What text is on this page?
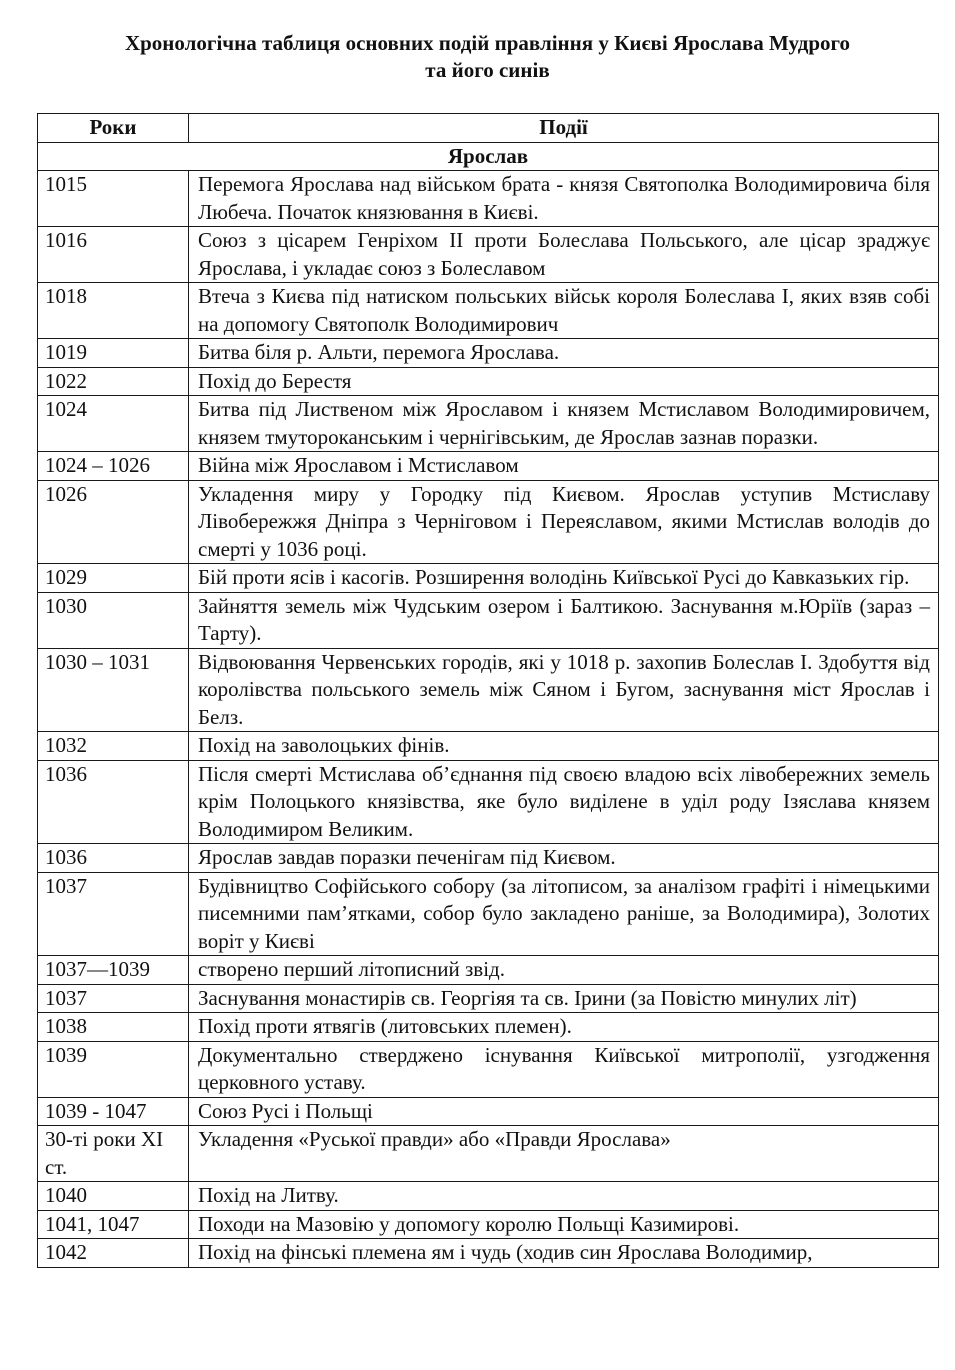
Хронологічна таблиця основних подій правління у Києві Ярослава Мудрого
та його синів
Роки	Події
Ярослав	
1015	Перемога Ярослава над військом брата - князя Святополка Володимировича біля Любеча. Початок князювання в Києві.
1016	Союз з цісарем Генріхом ІІ проти Болеслава Польського, але цісар зраджує Ярослава, і укладає союз з Болеславом
1018	Втеча з Києва під натиском польських військ короля Болеслава І, яких взяв собі на допомогу Святополк Володимирович
1019	Битва біля р. Альти, перемога Ярослава.
1022	Похід до Берестя
1024	Битва під Лиственом між Ярославом і князем Мстиславом Володимировичем, князем тмутороканським і чернігівським, де Ярослав зазнав поразки.
1024 – 1026	Війна між Ярославом і Мстиславом
1026	Укладення миру у Городку під Києвом. Ярослав уступив Мстиславу Лівобережжя Дніпра з Черніговом і Переяславом, якими Мстислав володів до смерті у 1036 році.
1029	Бій проти ясів і касогів. Розширення володінь Київської Русі до Кавказьких гір.
1030	Зайняття земель між Чудським озером і Балтикою. Заснування м.Юріїв (зараз – Тарту).
1030 – 1031	Відвоювання Червенських городів, які у 1018 р. захопив Болеслав І. Здобуття від королівства польського земель між Сяном і Бугом, заснування міст Ярослав і Белз.
1032	Похід на заволоцьких фінів.
1036	Після смерті Мстислава об’єднання під своєю владою всіх лівобережних земель крім Полоцького князівства, яке було виділене в уділ роду Ізяслава князем Володимиром Великим.
1036	Ярослав завдав поразки печенігам під Києвом.
1037	Будівництво Софійського собору (за літописом, за аналізом графіті і німецькими писемними пам’ятками, собор було закладено раніше, за Володимира), Золотих воріт у Києві
1037—1039	створено перший літописний звід.
1037	Заснування монастирів св. Георгіяя та св. Ірини (за Повістю минулих літ)
1038	Похід проти ятвягів (литовських племен).
1039	Документально стверджено існування Київської митрополії, узгодження церковного уставу.
1039 - 1047	Союз Русі і Польщі
30-ті роки ХІ ст.	Укладення «Руської правди» або «Правди Ярослава»
1040	Похід на Литву.
1041, 1047	Походи на Мазовію у допомогу королю Польщі Казимирові.
1042	Похід на фінські племена ям і чудь (ходив син Ярослава Володимир,
